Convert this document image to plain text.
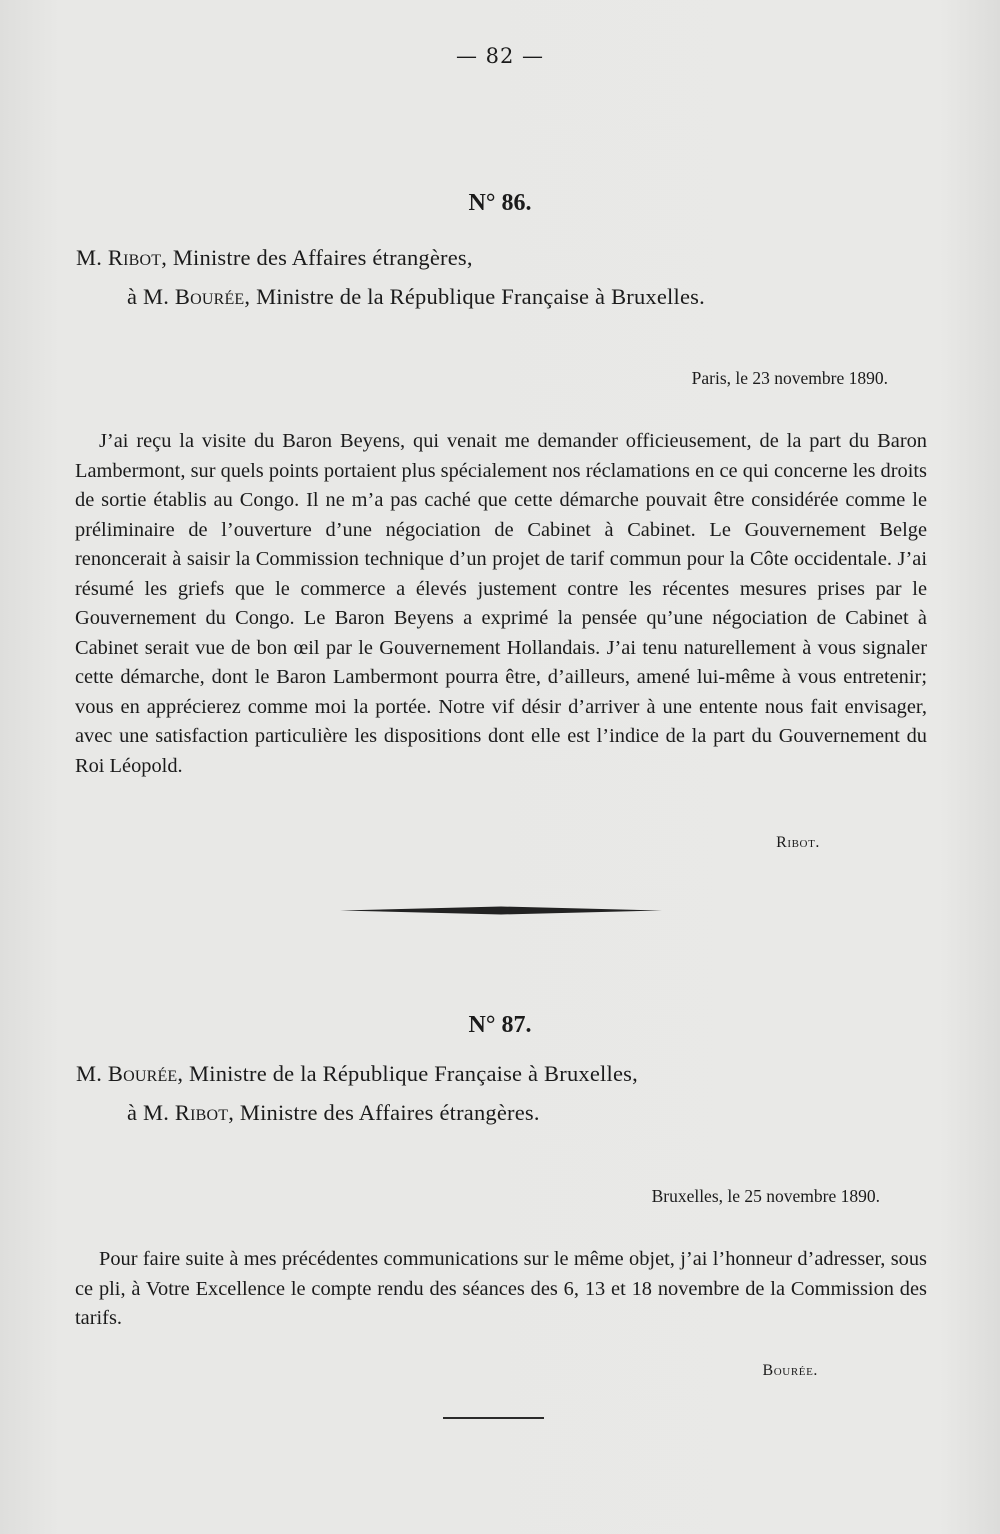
— 82 —
N° 86.
M. Ribot, Ministre des Affaires étrangères,
à M. Bourée, Ministre de la République Française à Bruxelles.
Paris, le 23 novembre 1890.

J’ai reçu la visite du Baron Beyens, qui venait me demander officieusement, de la part du Baron Lambermont, sur quels points portaient plus spécialement nos réclamations en ce qui concerne les droits de sortie établis au Congo. Il ne m’a pas caché que cette démarche pouvait être considérée comme le préliminaire de l’ouverture d’une négociation de Cabinet à Cabinet. Le Gouvernement Belge renoncerait à saisir la Commission technique d’un projet de tarif commun pour la Côte occidentale. J’ai résumé les griefs que le commerce a élevés justement contre les récentes mesures prises par le Gouvernement du Congo. Le Baron Beyens a exprimé la pensée qu’une négociation de Cabinet à Cabinet serait vue de bon œil par le Gouvernement Hollandais. J’ai tenu naturellement à vous signaler cette démarche, dont le Baron Lambermont pourra être, d’ailleurs, amené lui-même à vous entretenir; vous en apprécierez comme moi la portée. Notre vif désir d’arriver à une entente nous fait envisager, avec une satisfaction particulière les dispositions dont elle est l’indice de la part du Gouvernement du Roi Léopold.

Ribot.
N° 87.
M. Bourée, Ministre de la République Française à Bruxelles,
à M. Ribot, Ministre des Affaires étrangères.
Bruxelles, le 25 novembre 1890.

Pour faire suite à mes précédentes communications sur le même objet, j’ai l’honneur d’adresser, sous ce pli, à Votre Excellence le compte rendu des séances des 6, 13 et 18 novembre de la Commission des tarifs.

Bourée.
